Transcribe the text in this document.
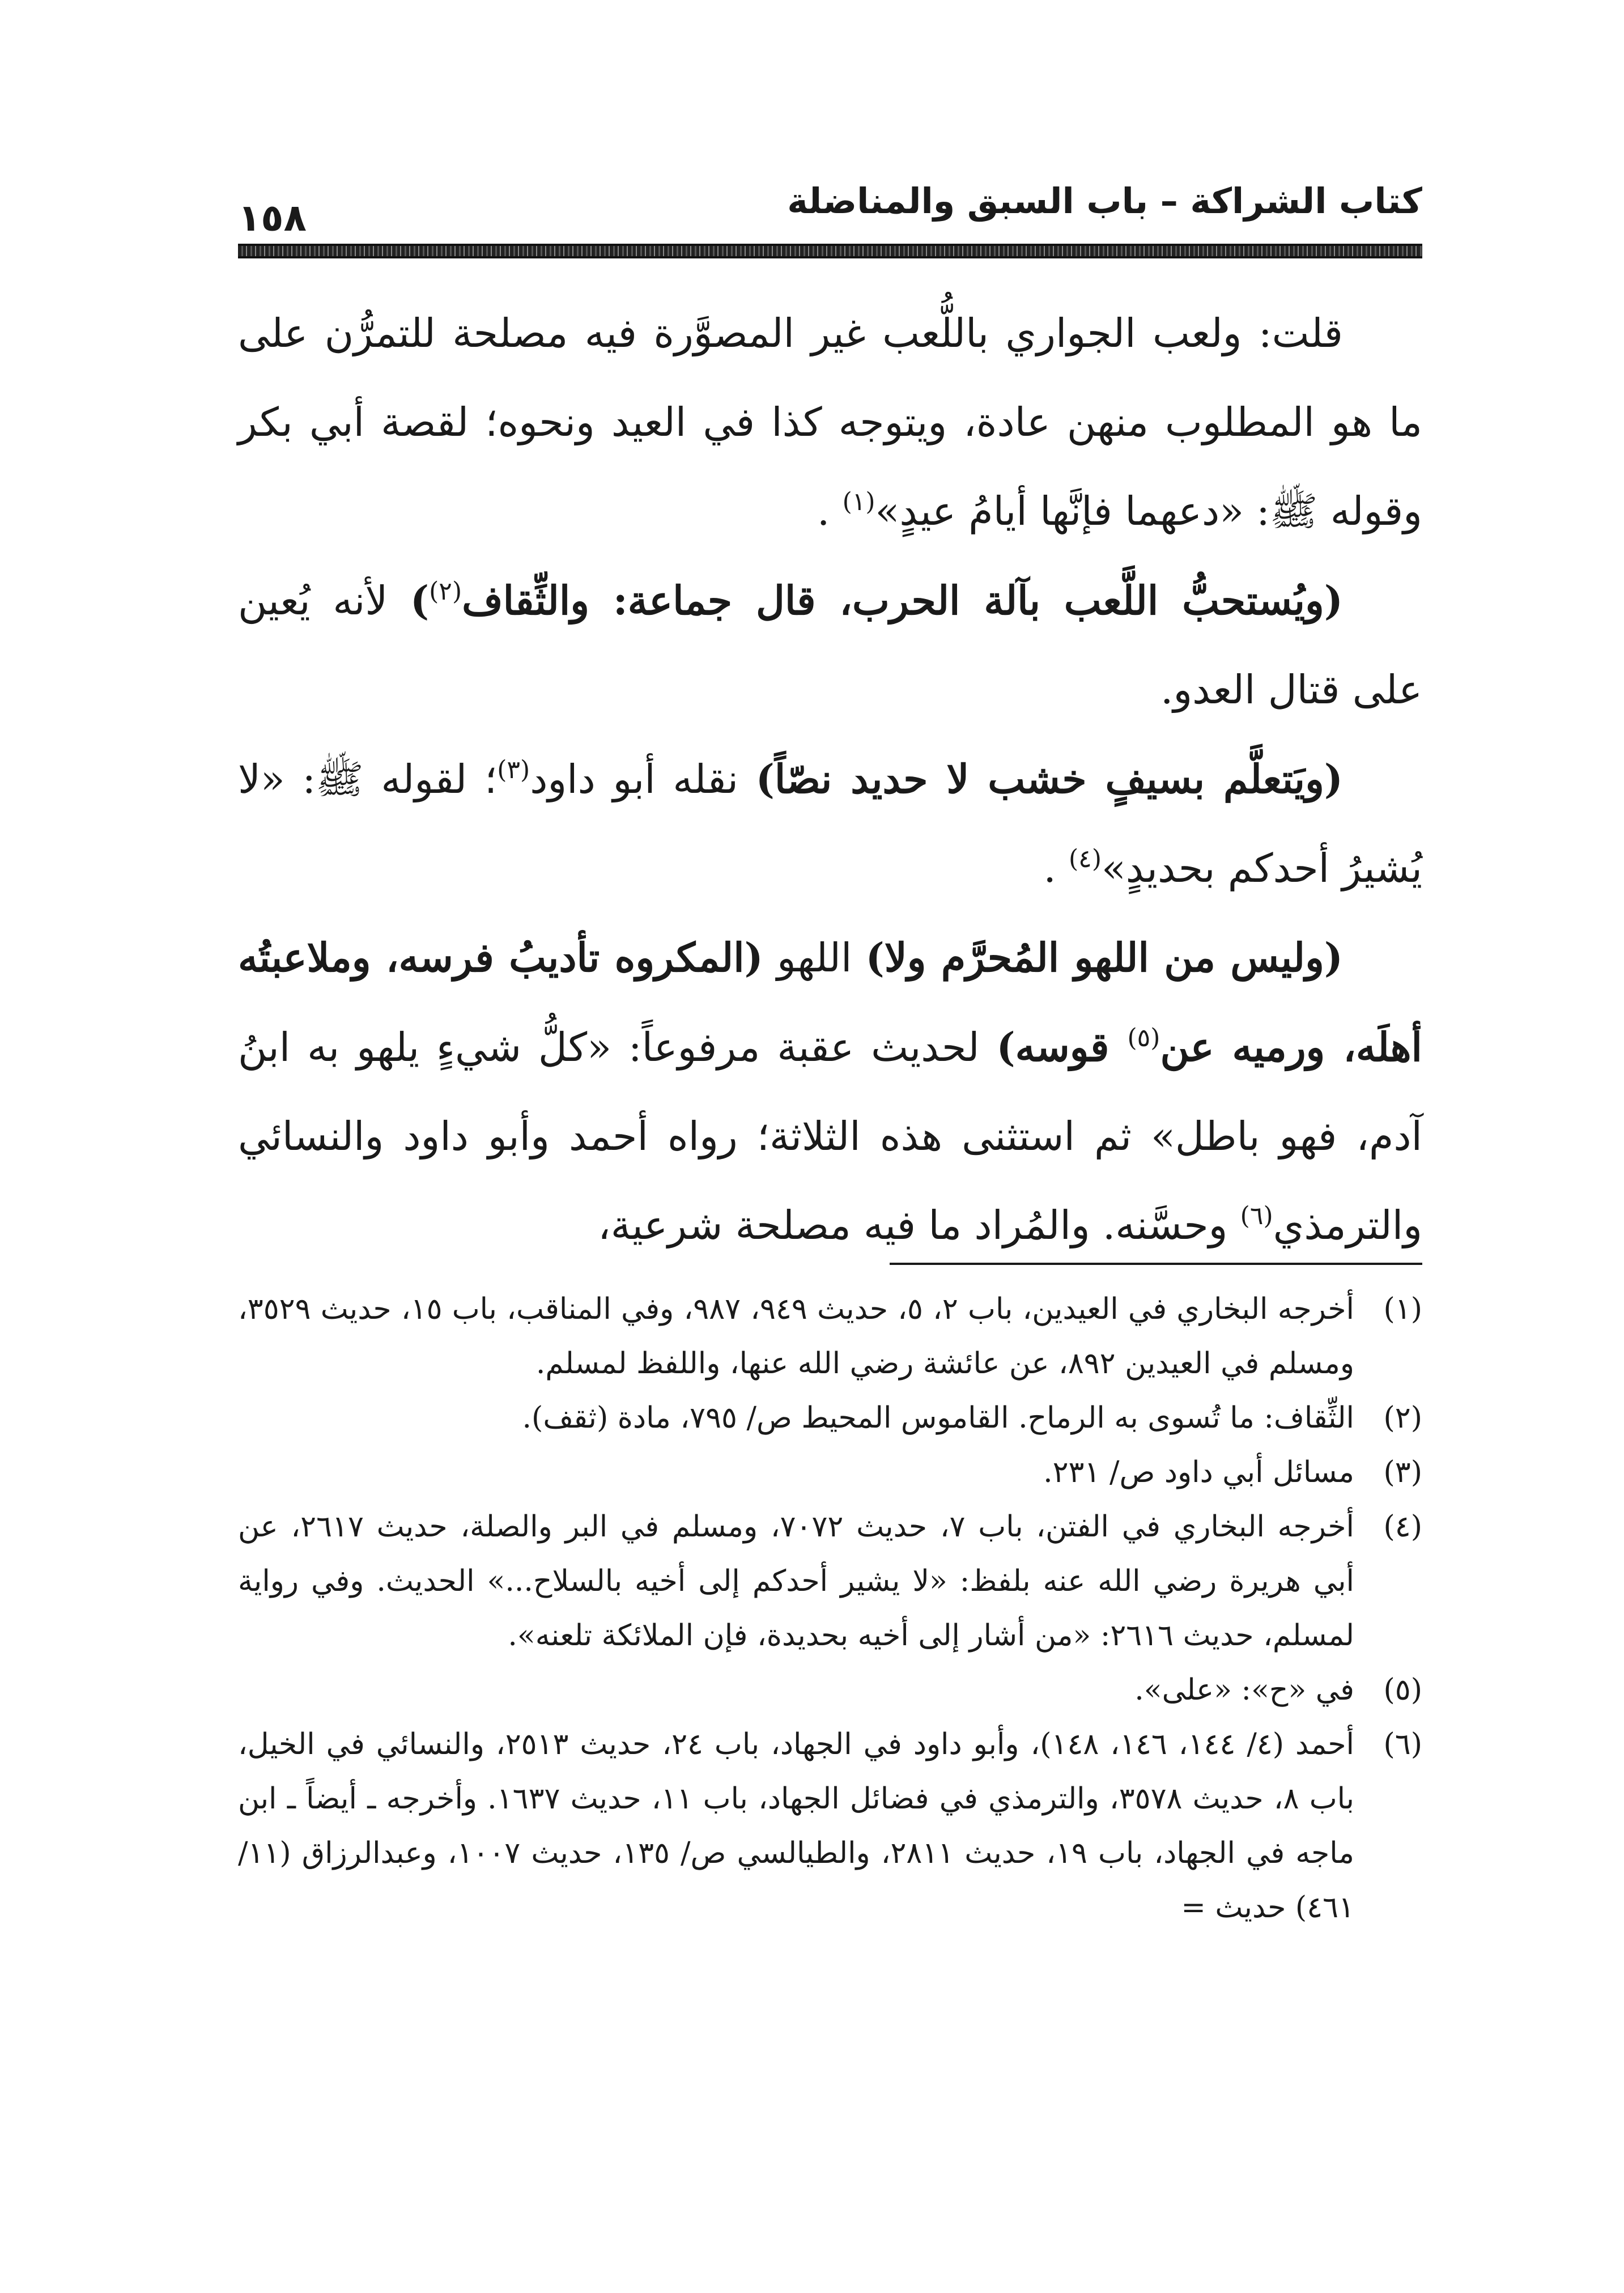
كتاب الشراكة – باب السبق والمناضلة
١٥٨

قلت: ولعب الجواري باللُّعب غير المصوَّرة فيه مصلحة للتمرُّن على ما هو المطلوب منهن عادة، ويتوجه كذا في العيد ونحوه؛ لقصة أبي بكر وقوله ﷺ: «دعهما فإنَّها أيامُ عيدٍ»$^{(١)}$ .

(ويُستحبُّ اللَّعب بآلة الحرب، قال جماعة: والثِّقاف$^{(٢)}$) لأنه يُعين على قتال العدو.

(ويَتعلَّم بسيفٍ خشب لا حديد نصّاً) نقله أبو داود$^{(٣)}$؛ لقوله ﷺ: «لا يُشيرُ أحدكم بحديدٍ»$^{(٤)}$ .

(وليس من اللهو المُحرَّم ولا) اللهو (المكروه تأديبُ فرسه، وملاعبتُه أهلَه، ورميه عن$^{(٥)}$ قوسه) لحديث عقبة مرفوعاً: «كلُّ شيءٍ يلهو به ابنُ آدم، فهو باطل» ثم استثنى هذه الثلاثة؛ رواه أحمد وأبو داود والنسائي والترمذي$^{(٦)}$ وحسَّنه. والمُراد ما فيه مصلحة شرعية،

(١)
أخرجه البخاري في العيدين، باب ٢، ٥، حديث ٩٤٩، ٩٨٧، وفي المناقب، باب ١٥، حديث ٣٥٢٩، ومسلم في العيدين ٨٩٢، عن عائشة رضي الله عنها، واللفظ لمسلم.
(٢)
الثِّقاف: ما تُسوى به الرماح. القاموس المحيط ص/ ٧٩٥، مادة (ثقف).
(٣)
مسائل أبي داود ص/ ٢٣١.
(٤)
أخرجه البخاري في الفتن، باب ٧، حديث ٧٠٧٢، ومسلم في البر والصلة، حديث ٢٦١٧، عن أبي هريرة رضي الله عنه بلفظ: «لا يشير أحدكم إلى أخيه بالسلاح...» الحديث. وفي رواية لمسلم، حديث ٢٦١٦: «من أشار إلى أخيه بحديدة، فإن الملائكة تلعنه».
(٥)
في «ح»: «على».
(٦)
أحمد (٤/ ١٤٤، ١٤٦، ١٤٨)، وأبو داود في الجهاد، باب ٢٤، حديث ٢٥١٣، والنسائي في الخيل، باب ٨، حديث ٣٥٧٨، والترمذي في فضائل الجهاد، باب ١١، حديث ١٦٣٧. وأخرجه ـ أيضاً ـ ابن ماجه في الجهاد، باب ١٩، حديث ٢٨١١، والطيالسي ص/ ١٣٥، حديث ١٠٠٧، وعبدالرزاق (١١/ ٤٦١) حديث =
